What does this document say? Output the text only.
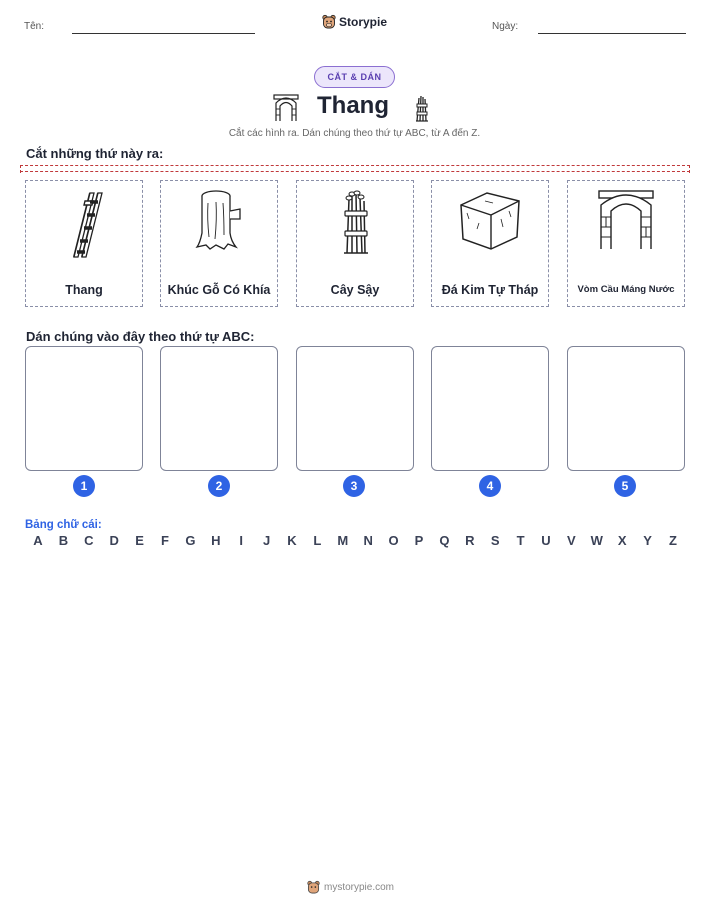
Tên:	Storypie	Ngày:
CẮT & DÁN
Thang
Cắt các hình ra. Dán chúng theo thứ tự ABC, từ A đến Z.
Cắt những thứ này ra:
Thang	Khúc Gỗ Có Khía	Cây Sậy	Đá Kim Tự Tháp	Vòm Cầu Máng Nước
Dán chúng vào đây theo thứ tự ABC:
1	2	3	4	5
Bảng chữ cái:
A B C D E	F	G H	I	J	K	L	M N O P Q R S	T	U V W X Y	Z
mystorypie.com
